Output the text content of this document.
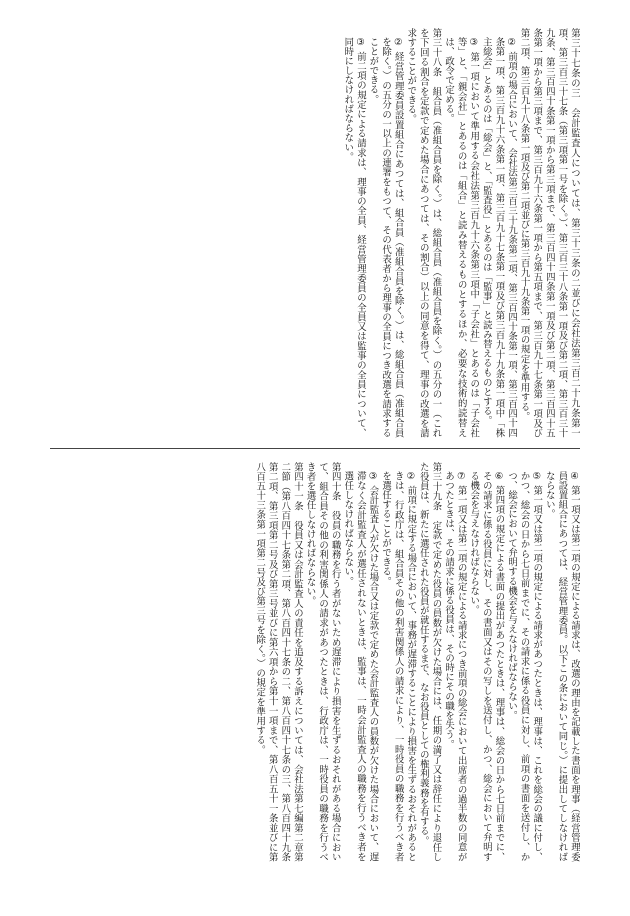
第三十七条の三　会計監査人については、第三十三条の二並びに会社法第三百二十九条第一項、第三百三十七条（第三項第一号を除く。）、第三百三十八条第一項及び第二項、第三百三十九条、第三百四十条第一項から第三項まで、第三百四十四条第一項及び第二項、第三百四十五条第一項から第三項まで、第三百九十六条第一項から第五項まで、第三百九十七条第一項及び第二項、第三百九十八条第一項及び第二項並びに第三百九十九条第一項の規定を準用する。
② 前項の場合において、会社法第三百三十九条第二項、第三百四十条第一項、第三百四十四条第一項、第三百九十六条第一項、第三百九十七条第一項及び第三百九十九条第一項中「株主総会」とあるのは「総会」と、「監査役」とあるのは「監事」と読み替えるものとする。
③ 第一項において準用する会社法第三百九十六条第三項中「子会社」とあるのは「子会社等」と、「親会社」とあるのは「組合」と読み替えるものとするほか、必要な技術的読替えは、政令で定める。
第三十八条　組合員（准組合員を除く。）は、総組合員（准組合員を除く。）の五分の一（これを下回る割合を定款で定めた場合にあつては、その割合）以上の同意を得て、理事の改選を請求することができる。
② 経営管理委員設置組合にあつては、組合員（准組合員を除く。）は、総組合員（准組合員を除く。）の五分の一以上の連署をもつて、その代表者から理事の全員につき改選を請求することができる。
③ 前二項の規定による請求は、理事の全員、経営管理委員の全員又は監事の全員について、同時にしなければならない。
④ 第一項又は第二項の規定による請求は、改選の理由を記載した書面を理事（経営管理委員設置組合にあつては、経営管理委員。以下この条において同じ。）に提出してしなければならない。
⑤ 第一項又は第二項の規定による請求があつたときは、理事は、これを総会の議に付し、かつ、総会の日から七日前までに、その請求に係る役員に対し、前項の書面を送付し、かつ、総会において弁明する機会を与えなければならない。
⑥ 第四項の規定による書面の提出があつたときは、理事は、総会の日から七日前までに、その請求に係る役員に対し、その書面又はその写しを送付し、かつ、総会において弁明する機会を与えなければならない。
⑦ 第一項又は第二項の規定による請求につき前項の総会において出席者の過半数の同意があつたときは、その請求に係る役員は、その時にその職を失う。
第三十九条　定款で定めた役員の員数が欠けた場合には、任期の満了又は辞任により退任した役員は、新たに選任された役員が就任するまで、なお役員としての権利義務を有する。
② 前項に規定する場合において、事務が遅滞することにより損害を生ずるおそれがあるときは、行政庁は、組合員その他の利害関係人の請求により、一時役員の職務を行うべき者を選任することができる。
③ 会計監査人が欠けた場合又は定款で定めた会計監査人の員数が欠けた場合において、遅滞なく会計監査人が選任されないときは、監事は、一時会計監査人の職務を行うべき者を選任しなければならない。
第四十条　役員の職務を行う者がないため遅滞により損害を生ずるおそれがある場合において、組合員その他の利害関係人の請求があつたときは、行政庁は、一時役員の職務を行うべき者を選任しなければならない。
第四十一条　役員又は会計監査人の責任を追及する訴えについては、会社法第七編第二章第二節（第八百四十七条第二項、第八百四十七条の二、第八百四十七条の三、第八百四十九条第二項、第三項第二号及び第三号並びに第六項から第十一項まで、第八百五十一条並びに第八百五十三条第一項第二号及び第三号を除く。）の規定を準用する。
